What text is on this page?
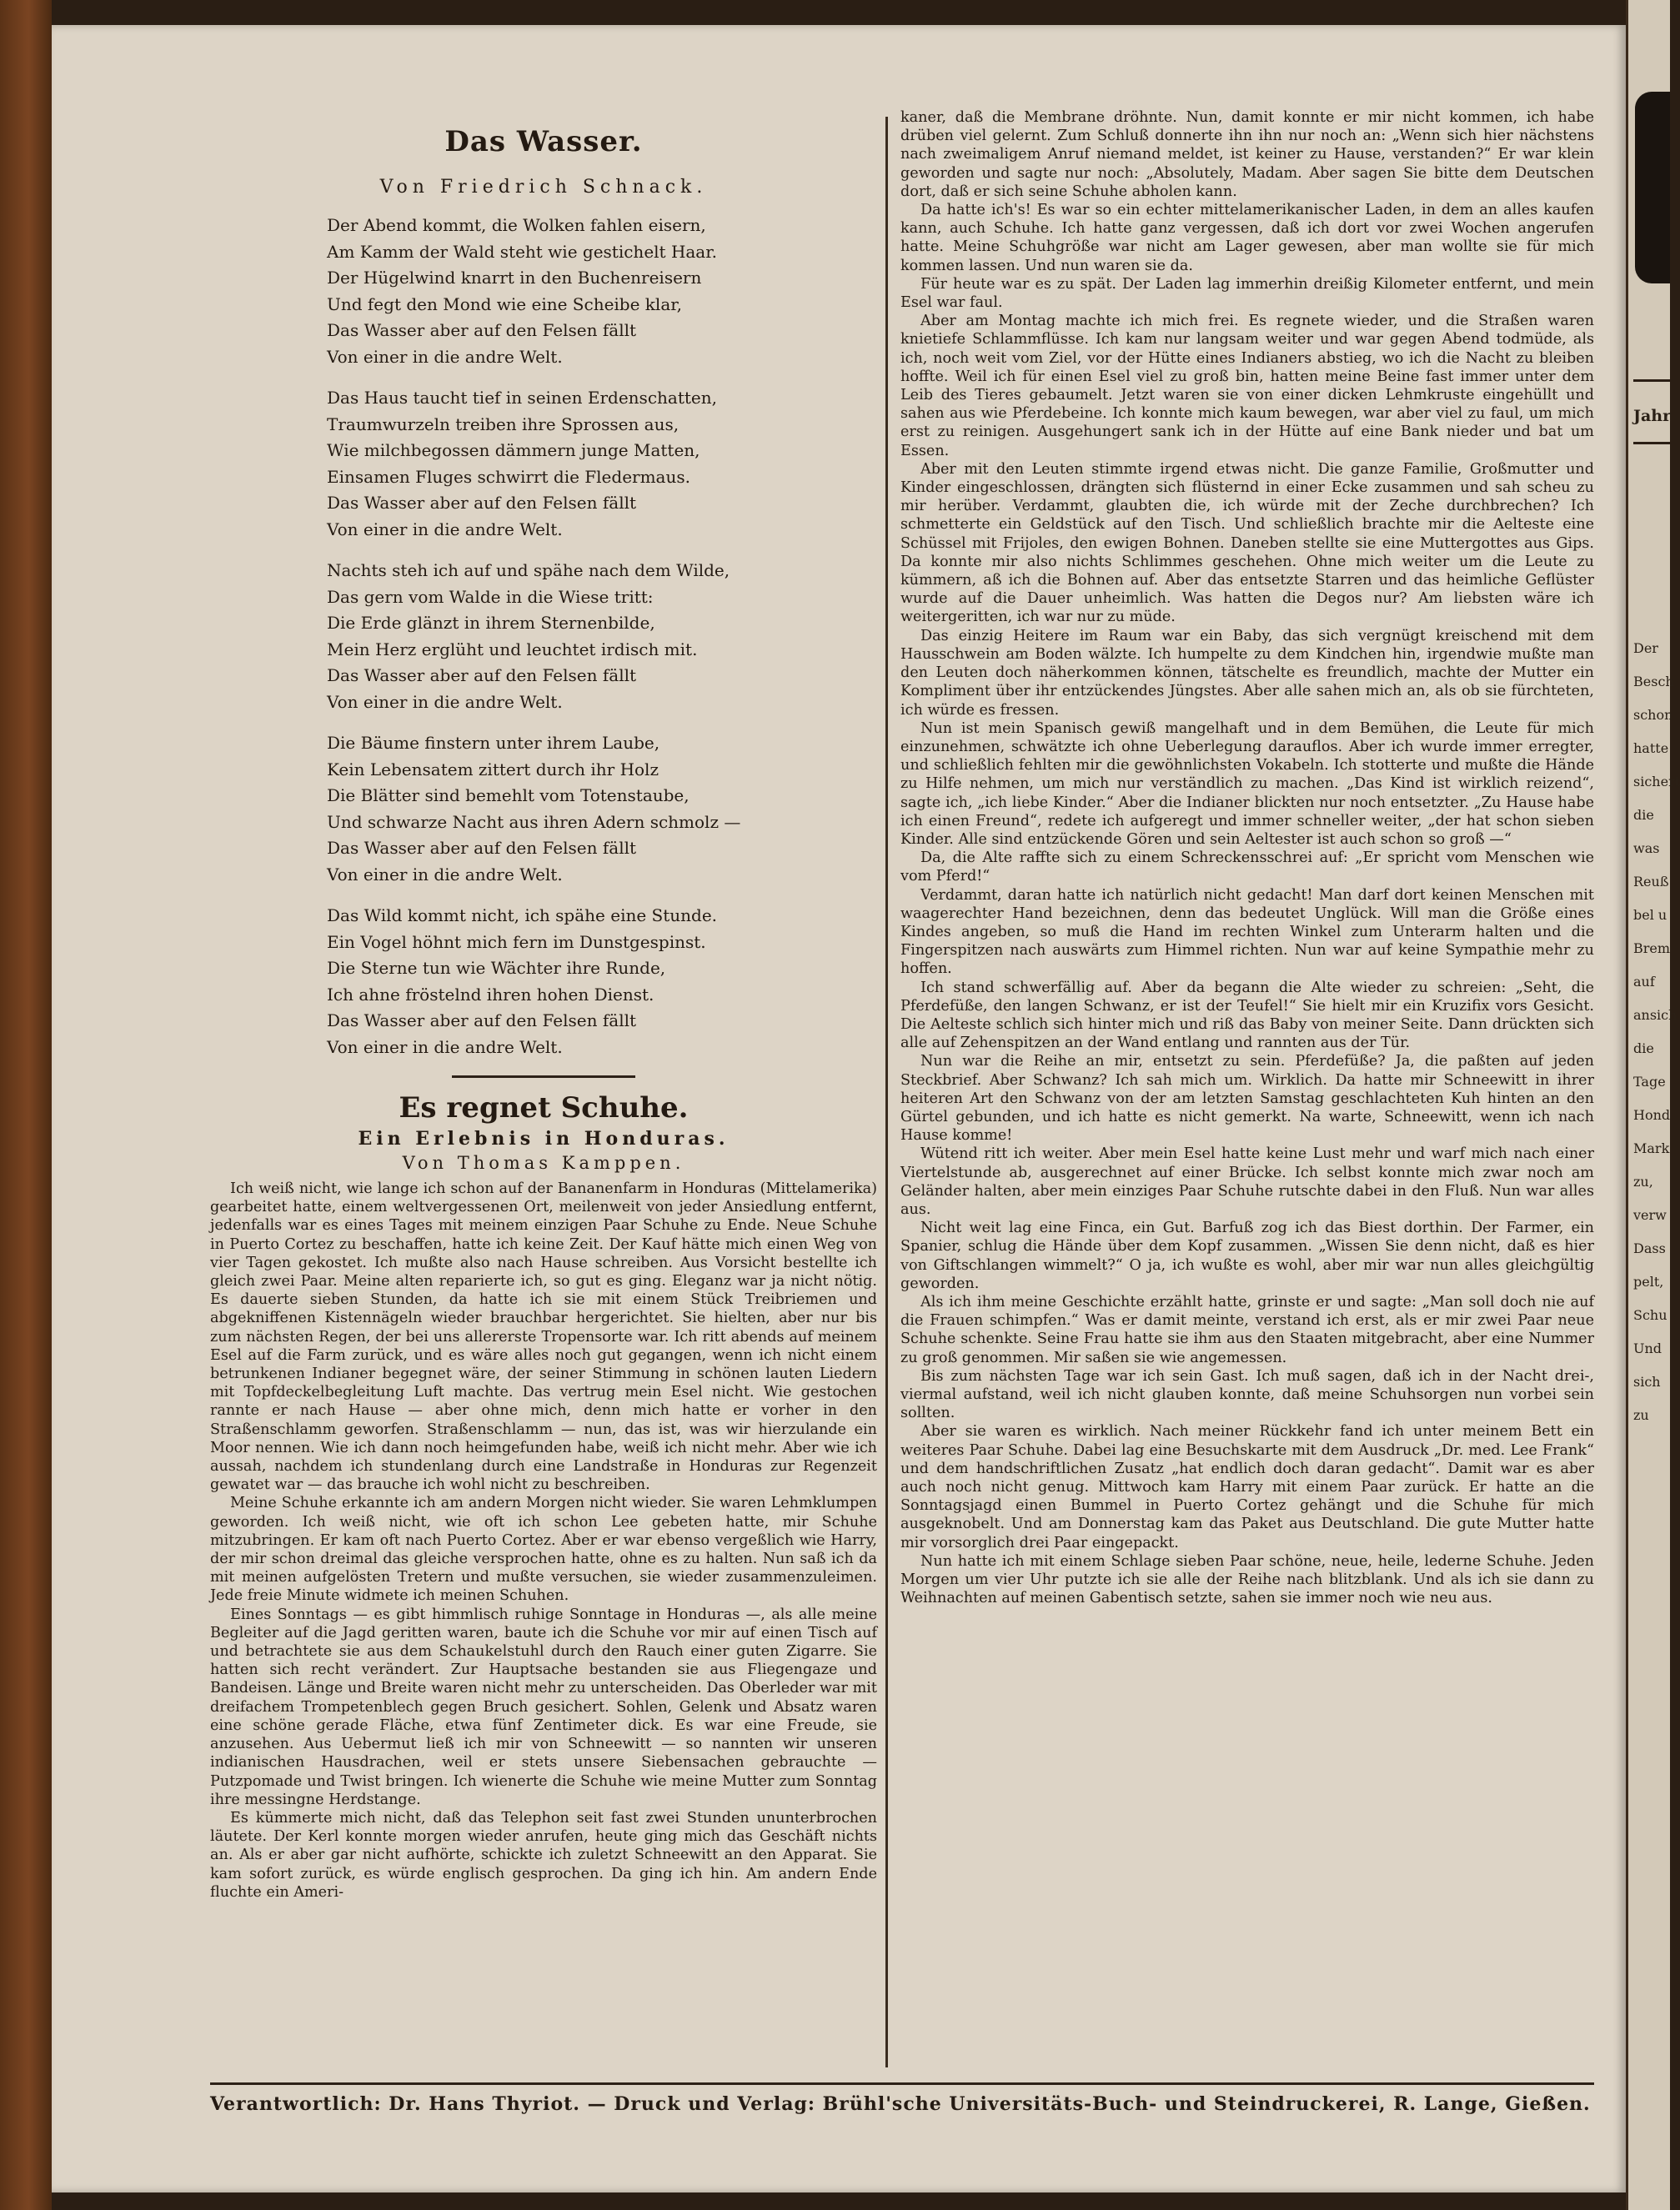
Das Wasser.
Von Friedrich Schnack.
Der Abend kommt, die Wolken fahlen eisern,
Am Kamm der Wald steht wie gestichelt Haar.
Der Hügelwind knarrt in den Buchenreisern
Und fegt den Mond wie eine Scheibe klar,
Das Wasser aber auf den Felsen fällt
Von einer in die andre Welt.
Das Haus taucht tief in seinen Erdenschatten,
Traumwurzeln treiben ihre Sprossen aus,
Wie milchbegossen dämmern junge Matten,
Einsamen Fluges schwirrt die Fledermaus.
Das Wasser aber auf den Felsen fällt
Von einer in die andre Welt.
Nachts steh ich auf und spähe nach dem Wilde,
Das gern vom Walde in die Wiese tritt:
Die Erde glänzt in ihrem Sternenbilde,
Mein Herz erglüht und leuchtet irdisch mit.
Das Wasser aber auf den Felsen fällt
Von einer in die andre Welt.
Die Bäume finstern unter ihrem Laube,
Kein Lebensatem zittert durch ihr Holz
Die Blätter sind bemehlt vom Totenstaube,
Und schwarze Nacht aus ihren Adern schmolz —
Das Wasser aber auf den Felsen fällt
Von einer in die andre Welt.
Das Wild kommt nicht, ich spähe eine Stunde.
Ein Vogel höhnt mich fern im Dunstgespinst.
Die Sterne tun wie Wächter ihre Runde,
Ich ahne fröstelnd ihren hohen Dienst.
Das Wasser aber auf den Felsen fällt
Von einer in die andre Welt.
Es regnet Schuhe.
Ein Erlebnis in Honduras.
Von Thomas Kamppen.

Ich weiß nicht, wie lange ich schon auf der Bananenfarm in Honduras (Mittelamerika) gearbeitet hatte, einem weltvergessenen Ort, meilenweit von jeder Ansiedlung entfernt, jedenfalls war es eines Tages mit meinem einzigen Paar Schuhe zu Ende. Neue Schuhe in Puerto Cortez zu beschaffen, hatte ich keine Zeit. Der Kauf hätte mich einen Weg von vier Tagen gekostet. Ich mußte also nach Hause schreiben. Aus Vorsicht bestellte ich gleich zwei Paar. Meine alten reparierte ich, so gut es ging. Eleganz war ja nicht nötig. Es dauerte sieben Stunden, da hatte ich sie mit einem Stück Treibriemen und abgekniffenen Kistennägeln wieder brauchbar hergerichtet. Sie hielten, aber nur bis zum nächsten Regen, der bei uns allererste Tropensorte war. Ich ritt abends auf meinem Esel auf die Farm zurück, und es wäre alles noch gut gegangen, wenn ich nicht einem betrunkenen Indianer begegnet wäre, der seiner Stimmung in schönen lauten Liedern mit Topfdeckelbegleitung Luft machte. Das vertrug mein Esel nicht. Wie gestochen rannte er nach Hause — aber ohne mich, denn mich hatte er vorher in den Straßenschlamm geworfen. Straßenschlamm — nun, das ist, was wir hierzulande ein Moor nennen. Wie ich dann noch heimgefunden habe, weiß ich nicht mehr. Aber wie ich aussah, nachdem ich stundenlang durch eine Landstraße in Honduras zur Regenzeit gewatet war — das brauche ich wohl nicht zu beschreiben.

Meine Schuhe erkannte ich am andern Morgen nicht wieder. Sie waren Lehmklumpen geworden. Ich weiß nicht, wie oft ich schon Lee gebeten hatte, mir Schuhe mitzubringen. Er kam oft nach Puerto Cortez. Aber er war ebenso vergeßlich wie Harry, der mir schon dreimal das gleiche versprochen hatte, ohne es zu halten. Nun saß ich da mit meinen aufgelösten Tretern und mußte versuchen, sie wieder zusammenzuleimen. Jede freie Minute widmete ich meinen Schuhen.

Eines Sonntags — es gibt himmlisch ruhige Sonntage in Honduras —, als alle meine Begleiter auf die Jagd geritten waren, baute ich die Schuhe vor mir auf einen Tisch auf und betrachtete sie aus dem Schaukelstuhl durch den Rauch einer guten Zigarre. Sie hatten sich recht verändert. Zur Hauptsache bestanden sie aus Fliegengaze und Bandeisen. Länge und Breite waren nicht mehr zu unterscheiden. Das Oberleder war mit dreifachem Trompetenblech gegen Bruch gesichert. Sohlen, Gelenk und Absatz waren eine schöne gerade Fläche, etwa fünf Zentimeter dick. Es war eine Freude, sie anzusehen. Aus Uebermut ließ ich mir von Schneewitt — so nannten wir unseren indianischen Hausdrachen, weil er stets unsere Siebensachen gebrauchte — Putzpomade und Twist bringen. Ich wienerte die Schuhe wie meine Mutter zum Sonntag ihre messingne Herdstange.

Es kümmerte mich nicht, daß das Telephon seit fast zwei Stunden ununterbrochen läutete. Der Kerl konnte morgen wieder anrufen, heute ging mich das Geschäft nichts an. Als er aber gar nicht aufhörte, schickte ich zuletzt Schneewitt an den Apparat. Sie kam sofort zurück, es würde englisch gesprochen. Da ging ich hin. Am andern Ende fluchte ein Ameri-

kaner, daß die Membrane dröhnte. Nun, damit konnte er mir nicht kommen, ich habe drüben viel gelernt. Zum Schluß donnerte ihn ihn nur noch an: „Wenn sich hier nächstens nach zweimaligem Anruf niemand meldet, ist keiner zu Hause, verstanden?“ Er war klein geworden und sagte nur noch: „Absolutely, Madam. Aber sagen Sie bitte dem Deutschen dort, daß er sich seine Schuhe abholen kann.

Da hatte ich's! Es war so ein echter mittelamerikanischer Laden, in dem an alles kaufen kann, auch Schuhe. Ich hatte ganz vergessen, daß ich dort vor zwei Wochen angerufen hatte. Meine Schuhgröße war nicht am Lager gewesen, aber man wollte sie für mich kommen lassen. Und nun waren sie da.

Für heute war es zu spät. Der Laden lag immerhin dreißig Kilometer entfernt, und mein Esel war faul.

Aber am Montag machte ich mich frei. Es regnete wieder, und die Straßen waren knietiefe Schlammflüsse. Ich kam nur langsam weiter und war gegen Abend todmüde, als ich, noch weit vom Ziel, vor der Hütte eines Indianers abstieg, wo ich die Nacht zu bleiben hoffte. Weil ich für einen Esel viel zu groß bin, hatten meine Beine fast immer unter dem Leib des Tieres gebaumelt. Jetzt waren sie von einer dicken Lehmkruste eingehüllt und sahen aus wie Pferdebeine. Ich konnte mich kaum bewegen, war aber viel zu faul, um mich erst zu reinigen. Ausgehungert sank ich in der Hütte auf eine Bank nieder und bat um Essen.

Aber mit den Leuten stimmte irgend etwas nicht. Die ganze Familie, Großmutter und Kinder eingeschlossen, drängten sich flüsternd in einer Ecke zusammen und sah scheu zu mir herüber. Verdammt, glaubten die, ich würde mit der Zeche durchbrechen? Ich schmetterte ein Geldstück auf den Tisch. Und schließlich brachte mir die Aelteste eine Schüssel mit Frijoles, den ewigen Bohnen. Daneben stellte sie eine Muttergottes aus Gips. Da konnte mir also nichts Schlimmes geschehen. Ohne mich weiter um die Leute zu kümmern, aß ich die Bohnen auf. Aber das entsetzte Starren und das heimliche Geflüster wurde auf die Dauer unheimlich. Was hatten die Degos nur? Am liebsten wäre ich weitergeritten, ich war nur zu müde.

Das einzig Heitere im Raum war ein Baby, das sich vergnügt kreischend mit dem Hausschwein am Boden wälzte. Ich humpelte zu dem Kindchen hin, irgendwie mußte man den Leuten doch näherkommen können, tätschelte es freundlich, machte der Mutter ein Kompliment über ihr entzückendes Jüngstes. Aber alle sahen mich an, als ob sie fürchteten, ich würde es fressen.

Nun ist mein Spanisch gewiß mangelhaft und in dem Bemühen, die Leute für mich einzunehmen, schwätzte ich ohne Ueberlegung darauflos. Aber ich wurde immer erregter, und schließlich fehlten mir die gewöhnlichsten Vokabeln. Ich stotterte und mußte die Hände zu Hilfe nehmen, um mich nur verständlich zu machen. „Das Kind ist wirklich reizend“, sagte ich, „ich liebe Kinder.“ Aber die Indianer blickten nur noch entsetzter. „Zu Hause habe ich einen Freund“, redete ich aufgeregt und immer schneller weiter, „der hat schon sieben Kinder. Alle sind entzückende Gören und sein Aeltester ist auch schon so groß —“

Da, die Alte raffte sich zu einem Schreckensschrei auf: „Er spricht vom Menschen wie vom Pferd!“

Verdammt, daran hatte ich natürlich nicht gedacht! Man darf dort keinen Menschen mit waagerechter Hand bezeichnen, denn das bedeutet Unglück. Will man die Größe eines Kindes angeben, so muß die Hand im rechten Winkel zum Unterarm halten und die Fingerspitzen nach auswärts zum Himmel richten. Nun war auf keine Sympathie mehr zu hoffen.

Ich stand schwerfällig auf. Aber da begann die Alte wieder zu schreien: „Seht, die Pferdefüße, den langen Schwanz, er ist der Teufel!“ Sie hielt mir ein Kruzifix vors Gesicht. Die Aelteste schlich sich hinter mich und riß das Baby von meiner Seite. Dann drückten sich alle auf Zehenspitzen an der Wand entlang und rannten aus der Tür.

Nun war die Reihe an mir, entsetzt zu sein. Pferdefüße? Ja, die paßten auf jeden Steckbrief. Aber Schwanz? Ich sah mich um. Wirklich. Da hatte mir Schneewitt in ihrer heiteren Art den Schwanz von der am letzten Samstag geschlachteten Kuh hinten an den Gürtel gebunden, und ich hatte es nicht gemerkt. Na warte, Schneewitt, wenn ich nach Hause komme!

Wütend ritt ich weiter. Aber mein Esel hatte keine Lust mehr und warf mich nach einer Viertelstunde ab, ausgerechnet auf einer Brücke. Ich selbst konnte mich zwar noch am Geländer halten, aber mein einziges Paar Schuhe rutschte dabei in den Fluß. Nun war alles aus.

Nicht weit lag eine Finca, ein Gut. Barfuß zog ich das Biest dorthin. Der Farmer, ein Spanier, schlug die Hände über dem Kopf zusammen. „Wissen Sie denn nicht, daß es hier von Giftschlangen wimmelt?“ O ja, ich wußte es wohl, aber mir war nun alles gleichgültig geworden.

Als ich ihm meine Geschichte erzählt hatte, grinste er und sagte: „Man soll doch nie auf die Frauen schimpfen.“ Was er damit meinte, verstand ich erst, als er mir zwei Paar neue Schuhe schenkte. Seine Frau hatte sie ihm aus den Staaten mitgebracht, aber eine Nummer zu groß genommen. Mir saßen sie wie angemessen.

Bis zum nächsten Tage war ich sein Gast. Ich muß sagen, daß ich in der Nacht drei-, viermal aufstand, weil ich nicht glauben konnte, daß meine Schuhsorgen nun vorbei sein sollten.

Aber sie waren es wirklich. Nach meiner Rückkehr fand ich unter meinem Bett ein weiteres Paar Schuhe. Dabei lag eine Besuchskarte mit dem Ausdruck „Dr. med. Lee Frank“ und dem handschriftlichen Zusatz „hat endlich doch daran gedacht“. Damit war es aber auch noch nicht genug. Mittwoch kam Harry mit einem Paar zurück. Er hatte an die Sonntagsjagd einen Bummel in Puerto Cortez gehängt und die Schuhe für mich ausgeknobelt. Und am Donnerstag kam das Paket aus Deutschland. Die gute Mutter hatte mir vorsorglich drei Paar eingepackt.

Nun hatte ich mit einem Schlage sieben Paar schöne, neue, heile, lederne Schuhe. Jeden Morgen um vier Uhr putzte ich sie alle der Reihe nach blitzblank. Und als ich sie dann zu Weihnachten auf meinen Gabentisch setzte, sahen sie immer noch wie neu aus.

Verantwortlich: Dr. Hans Thyriot. — Druck und Verlag: Brühl'sche Universitäts-Buch- und Steindruckerei, R. Lange, Gießen.
Jahr
Der
Besch
schon
hatte
sichert
die
was
Reuß
bel u
Brem
auf
ansich
die
Tage
Hond
Mark
zu,
verw
Dass
pelt,
Schu
Und
sich
zu
